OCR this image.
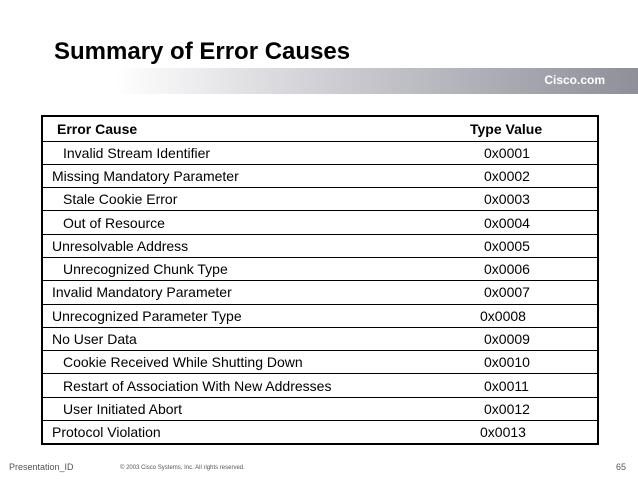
Summary of Error Causes
Cisco.com
Error Cause	Type Value
Invalid Stream Identifier	0x0001
Missing Mandatory Parameter	0x0002
Stale Cookie Error	0x0003
Out of Resource	0x0004
Unresolvable Address	0x0005
Unrecognized Chunk Type	0x0006
Invalid Mandatory Parameter	0x0007
Unrecognized Parameter Type	0x0008
No User Data	0x0009
Cookie Received While Shutting Down	0x0010
Restart of Association With New Addresses	0x0011
User Initiated Abort	0x0012
Protocol Violation	0x0013
Presentation_ID	© 2003 Cisco Systems, Inc. All rights reserved.	65
